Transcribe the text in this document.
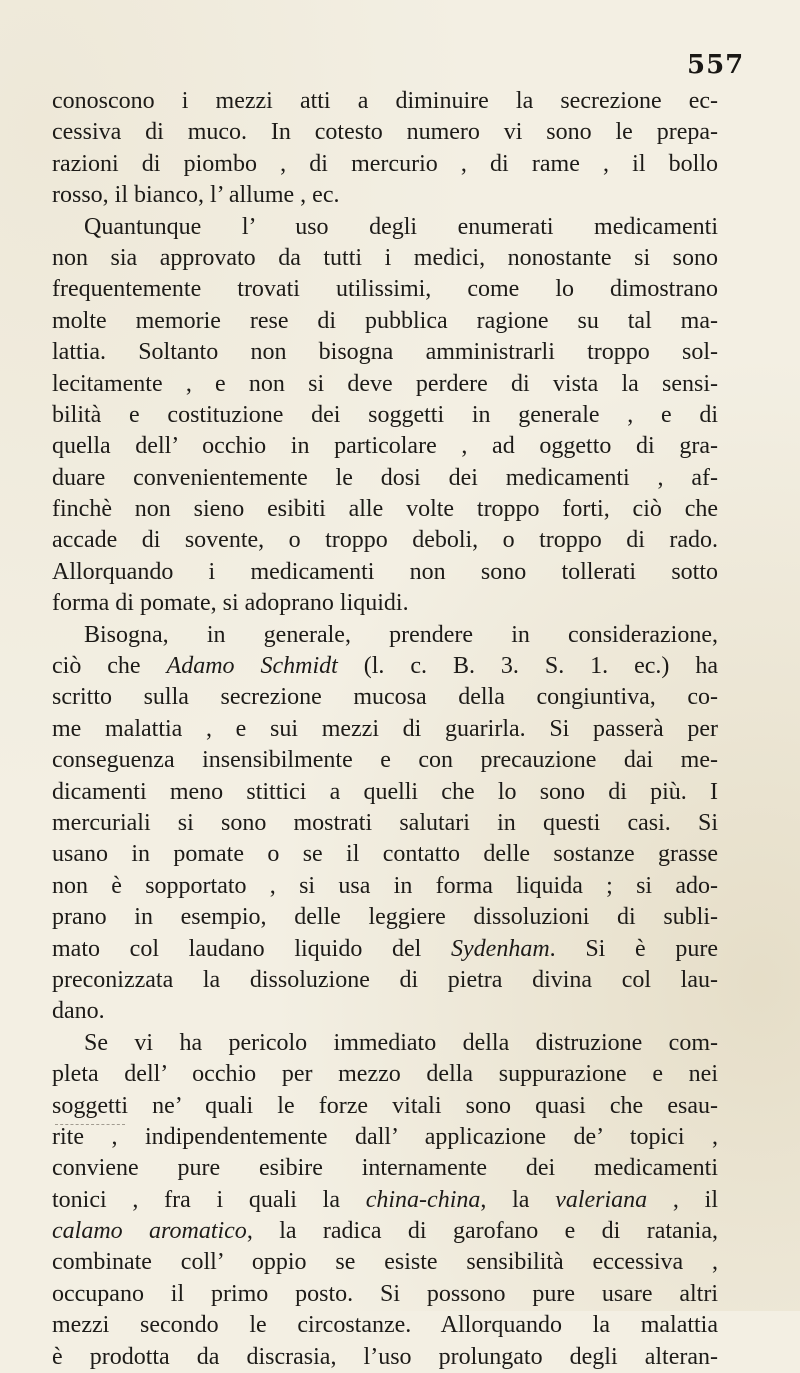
557
conoscono i mezzi atti a diminuire la secrezione ec-
cessiva di muco. In cotesto numero vi sono le prepa-
razioni di piombo , di mercurio , di rame , il bollo
rosso, il bianco, l’ allume , ec.
Quantunque l’ uso degli enumerati medicamenti
non sia approvato da tutti i medici, nonostante si sono
frequentemente trovati utilissimi, come lo dimostrano
molte memorie rese di pubblica ragione su tal ma-
lattia. Soltanto non bisogna amministrarli troppo sol-
lecitamente , e non si deve perdere di vista la sensi-
bilità e costituzione dei soggetti in generale , e di
quella dell’ occhio in particolare , ad oggetto di gra-
duare convenientemente le dosi dei medicamenti , af-
finchè non sieno esibiti alle volte troppo forti, ciò che
accade di sovente, o troppo deboli, o troppo di rado.
Allorquando i medicamenti non sono tollerati sotto
forma di pomate, si adoprano liquidi.
Bisogna, in generale, prendere in considerazione,
ciò che Adamo Schmidt (l. c. B. 3. S. 1. ec.) ha
scritto sulla secrezione mucosa della congiuntiva, co-
me malattia , e sui mezzi di guarirla. Si passerà per
conseguenza insensibilmente e con precauzione dai me-
dicamenti meno stittici a quelli che lo sono di più. I
mercuriali si sono mostrati salutari in questi casi. Si
usano in pomate o se il contatto delle sostanze grasse
non è sopportato , si usa in forma liquida ; si ado-
prano in esempio, delle leggiere dissoluzioni di subli-
mato col laudano liquido del Sydenham. Si è pure
preconizzata la dissoluzione di pietra divina col lau-
dano.
Se vi ha pericolo immediato della distruzione com-
pleta dell’ occhio per mezzo della suppurazione e nei
soggetti ne’ quali le forze vitali sono quasi che esau-
rite , indipendentemente dall’ applicazione de’ topici ,
conviene pure esibire internamente dei medicamenti
tonici , fra i quali la china-china, la valeriana , il
calamo aromatico, la radica di garofano e di ratania,
combinate coll’ oppio se esiste sensibilità eccessiva ,
occupano il primo posto. Si possono pure usare altri
mezzi secondo le circostanze. Allorquando la malattia
è prodotta da discrasia, l’uso prolungato degli alteran-
